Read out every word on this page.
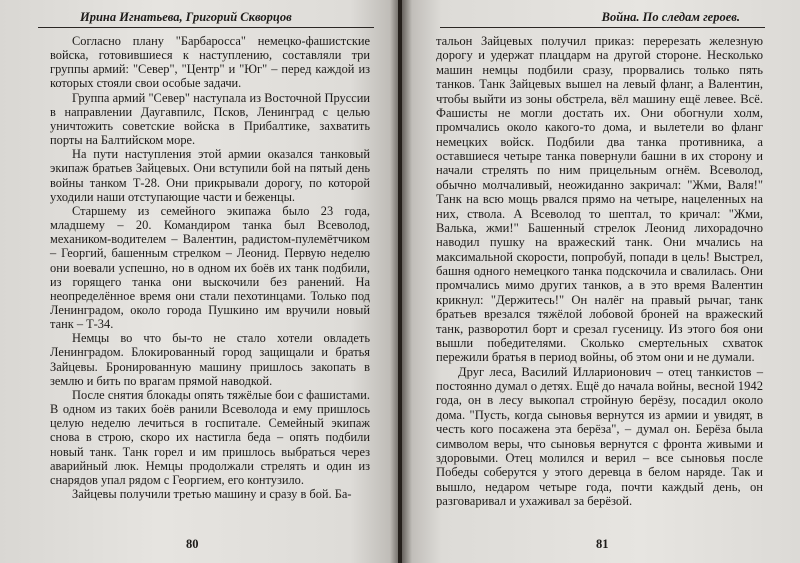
Ирина Игнатьева, Григорий Скворцов

Согласно плану "Барбаросса" немецко-фашистские войска, готовившиеся к наступлению, составляли три группы армий: "Север", "Центр" и "Юг" – перед каждой из которых стояли свои особые задачи.

Группа армий "Север" наступала из Восточной Пруссии в направлении Даугавпилс, Псков, Ленинград с целью уничтожить советские войска в Прибалтике, захватить порты на Балтийском море.

На пути наступления этой армии оказался танковый экипаж братьев Зайцевых. Они вступили бой на пятый день войны танком Т-28. Они прикрывали дорогу, по которой уходили наши отступающие части и беженцы.

Старшему из семейного экипажа было 23 года, младшему – 20. Командиром танка был Всеволод, механиком-водителем – Валентин, радистом-пулемётчиком – Георгий, башенным стрелком – Леонид. Первую неделю они воевали успешно, но в одном их боёв их танк подбили, из горящего танка они выскочили без ранений. На неопределённое время они стали пехотинцами. Только под Ленинградом, около города Пушкино им вручили новый танк – Т-34.

Немцы во что бы-то не стало хотели овладеть Ленинградом. Блокированный город защищали и братья Зайцевы. Бронированную машину пришлось закопать в землю и бить по врагам прямой наводкой.

После снятия блокады опять тяжёлые бои с фашистами. В одном из таких боёв ранили Всеволода и ему пришлось целую неделю лечиться в госпитале. Семейный экипаж снова в строю, скоро их настигла беда – опять подбили новый танк. Танк горел и им пришлось выбраться через аварийный люк. Немцы продолжали стрелять и один из снарядов упал рядом с Георгием, его контузило.

Зайцевы получили третью машину и сразу в бой. Ба-

80
Война. По следам героев.

тальон Зайцевых получил приказ: перерезать железную дорогу и удержат плацдарм на другой стороне. Несколько машин немцы подбили сразу, прорвались только пять танков. Танк Зайцевых вышел на левый фланг, а Валентин, чтобы выйти из зоны обстрела, вёл машину ещё левее. Всё. Фашисты не могли достать их. Они обогнули холм, промчались около какого-то дома, и вылетели во фланг немецких войск. Подбили два танка противника, а оставшиеся четыре танка повернули башни в их сторону и начали стрелять по ним прицельным огнём. Всеволод, обычно молчаливый, неожиданно закричал: "Жми, Валя!" Танк на всю мощь рвался прямо на четыре, нацеленных на них, ствола. А Всеволод то шептал, то кричал: "Жми, Валька, жми!" Башенный стрелок Леонид лихорадочно наводил пушку на вражеский танк. Они мчались на максимальной скорости, попробуй, попади в цель! Выстрел, башня одного немецкого танка подскочила и свалилась. Они промчались мимо других танков, а в это время Валентин крикнул: "Держитесь!" Он налёг на правый рычаг, танк братьев врезался тяжёлой лобовой броней на вражеский танк, разворотил борт и срезал гусеницу. Из этого боя они вышли победителями. Сколько смертельных схваток пережили братья в период войны, об этом они и не думали.

Друг леса, Василий Илларионович – отец танкистов – постоянно думал о детях. Ещё до начала войны, весной 1942 года, он в лесу выкопал стройную берёзу, посадил около дома. "Пусть, когда сыновья вернутся из армии и увидят, в честь кого посажена эта берёза", – думал он. Берёза была символом веры, что сыновья вернутся с фронта живыми и здоровыми. Отец молился и верил – все сыновья после Победы соберутся у этого деревца в белом наряде. Так и вышло, недаром четыре года, почти каждый день, он разговаривал и ухаживал за берёзой.

81
